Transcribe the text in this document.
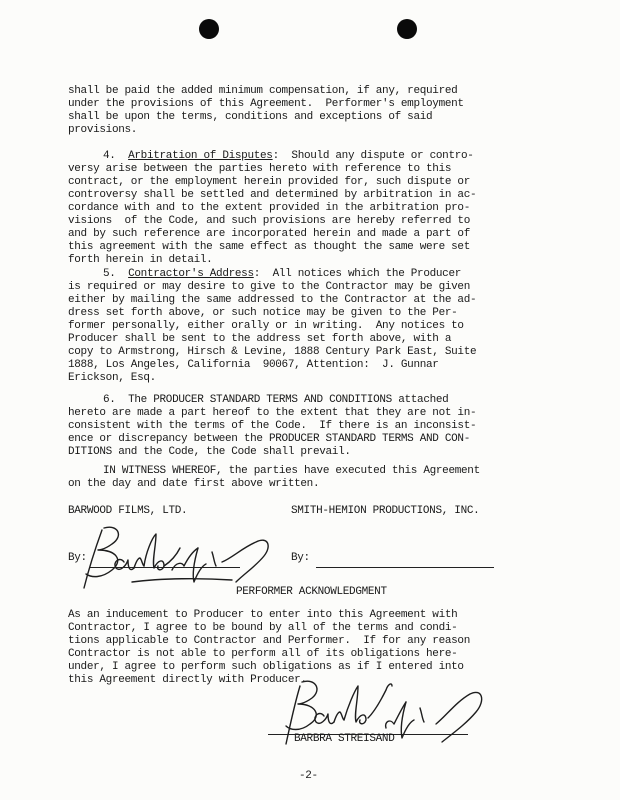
shall be paid the added minimum compensation, if any, required
under the provisions of this Agreement.  Performer's employment
shall be upon the terms, conditions and exceptions of said
provisions.
4. Arbitration of Disputes:  Should any dispute or contro-
versy arise between the parties hereto with reference to this
contract, or the employment herein provided for, such dispute or
controversy shall be settled and determined by arbitration in ac-
cordance with and to the extent provided in the arbitration pro-
visions  of the Code, and such provisions are hereby referred to
and by such reference are incorporated herein and made a part of
this agreement with the same effect as thought the same were set
forth herein in detail.
5. Contractor's Address:  All notices which the Producer
is required or may desire to give to the Contractor may be given
either by mailing the same addressed to the Contractor at the ad-
dress set forth above, or such notice may be given to the Per-
former personally, either orally or in writing.  Any notices to
Producer shall be sent to the address set forth above, with a
copy to Armstrong, Hirsch & Levine, 1888 Century Park East, Suite
1888, Los Angeles, California  90067, Attention:  J. Gunnar
Erickson, Esq.
6. The PRODUCER STANDARD TERMS AND CONDITIONS attached
hereto are made a part hereof to the extent that they are not in-
consistent with the terms of the Code.  If there is an inconsist-
ence or discrepancy between the PRODUCER STANDARD TERMS AND CON-
DITIONS and the Code, the Code shall prevail.
IN WITNESS WHEREOF, the parties have executed this Agreement
on the day and date first above written.
BARWOOD FILMS, LTD.	SMITH-HEMION PRODUCTIONS, INC.
By:	By:
PERFORMER ACKNOWLEDGMENT
As an inducement to Producer to enter into this Agreement with
Contractor, I agree to be bound by all of the terms and condi-
tions applicable to Contractor and Performer.  If for any reason
Contractor is not able to perform all of its obligations here-
under, I agree to perform such obligations as if I entered into
this Agreement directly with Producer.
BARBRA STREISAND
-2-
